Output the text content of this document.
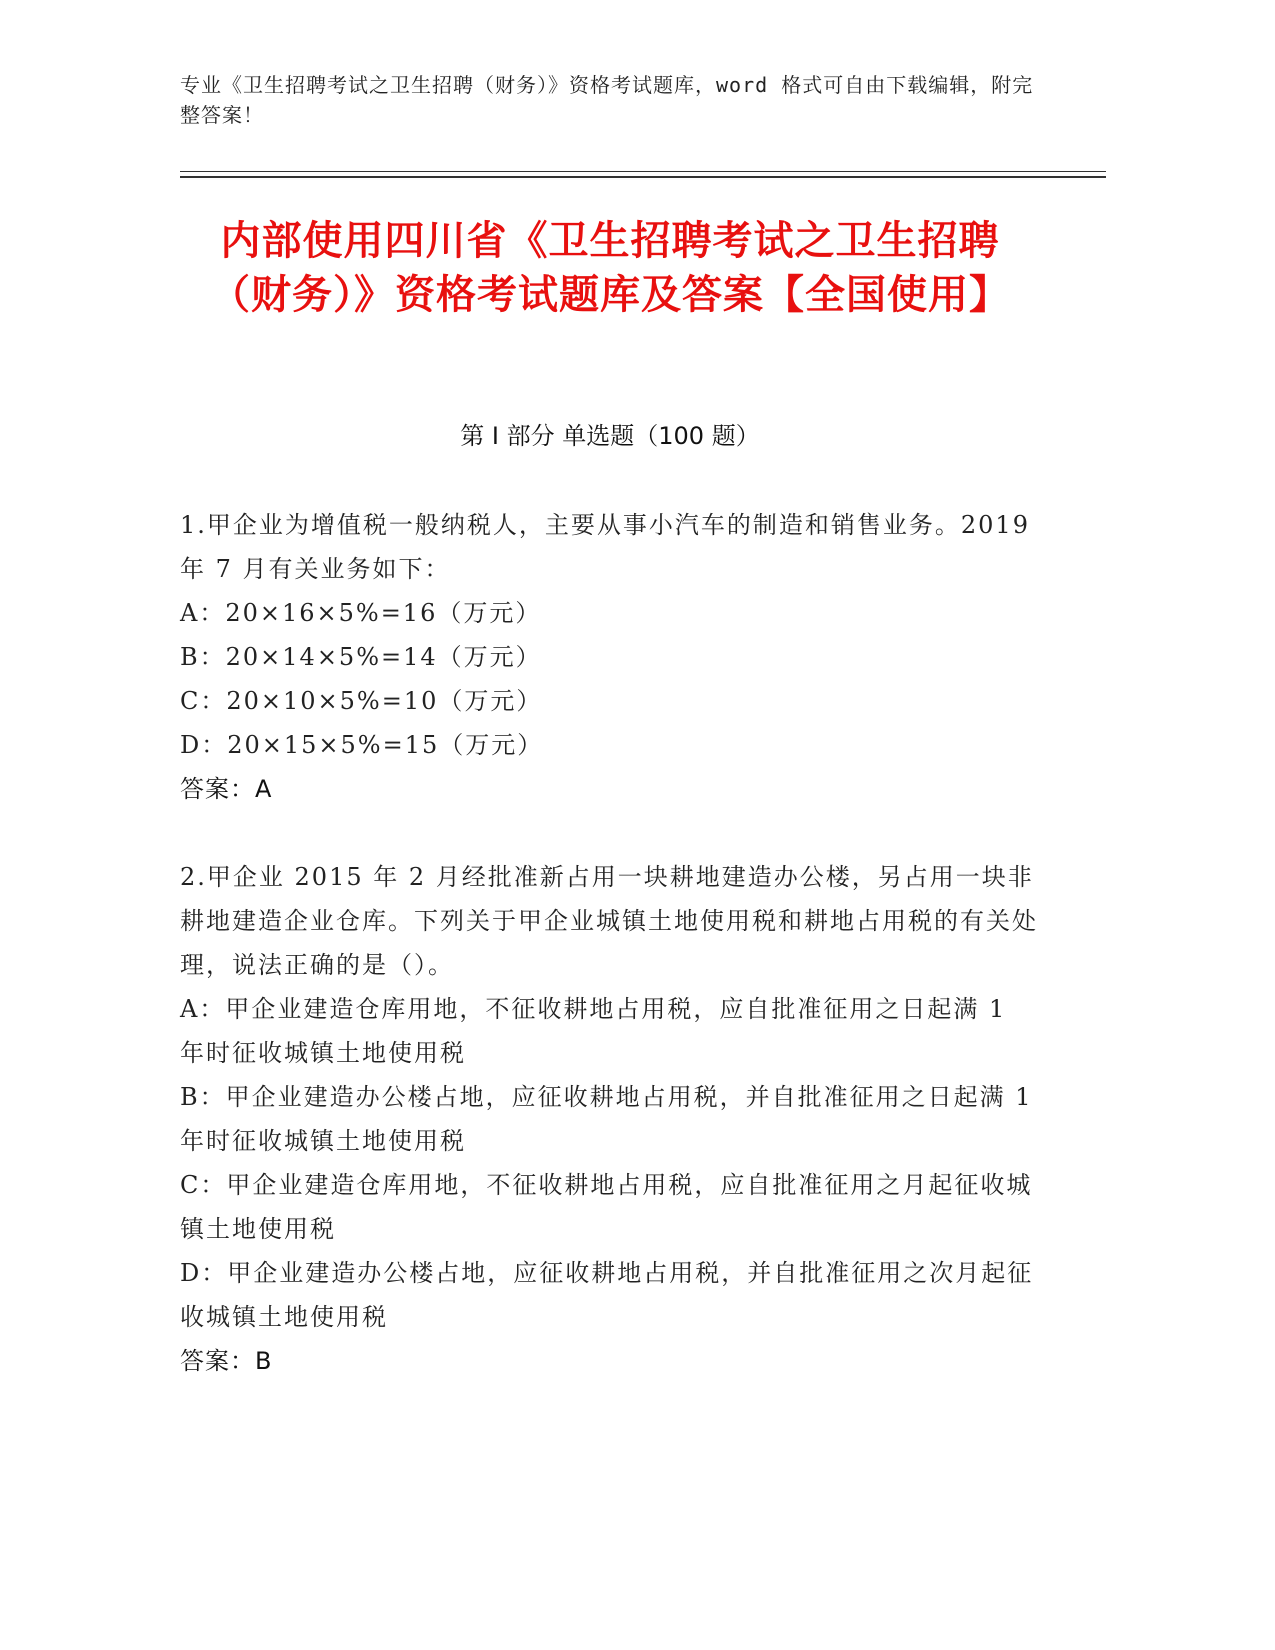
专业《卫生招聘考试之卫生招聘（财务）》资格考试题库，word 格式可自由下载编辑，附完整答案！
内部使用四川省《卫生招聘考试之卫生招聘（财务）》资格考试题库及答案【全国使用】
第 I 部分 单选题（100 题）
1.甲企业为增值税一般纳税人，主要从事小汽车的制造和销售业务。2019 年 7 月有关业务如下：
A：20×16×5%=16（万元）
B：20×14×5%=14（万元）
C：20×10×5%=10（万元）
D：20×15×5%=15（万元）
答案：A
2.甲企业 2015 年 2 月经批准新占用一块耕地建造办公楼，另占用一块非耕地建造企业仓库。下列关于甲企业城镇土地使用税和耕地占用税的有关处理，说法正确的是（）。
A：甲企业建造仓库用地，不征收耕地占用税，应自批准征用之日起满 1 年时征收城镇土地使用税
B：甲企业建造办公楼占地，应征收耕地占用税，并自批准征用之日起满 1 年时征收城镇土地使用税
C：甲企业建造仓库用地，不征收耕地占用税，应自批准征用之月起征收城镇土地使用税
D：甲企业建造办公楼占地，应征收耕地占用税，并自批准征用之次月起征收城镇土地使用税
答案：B
